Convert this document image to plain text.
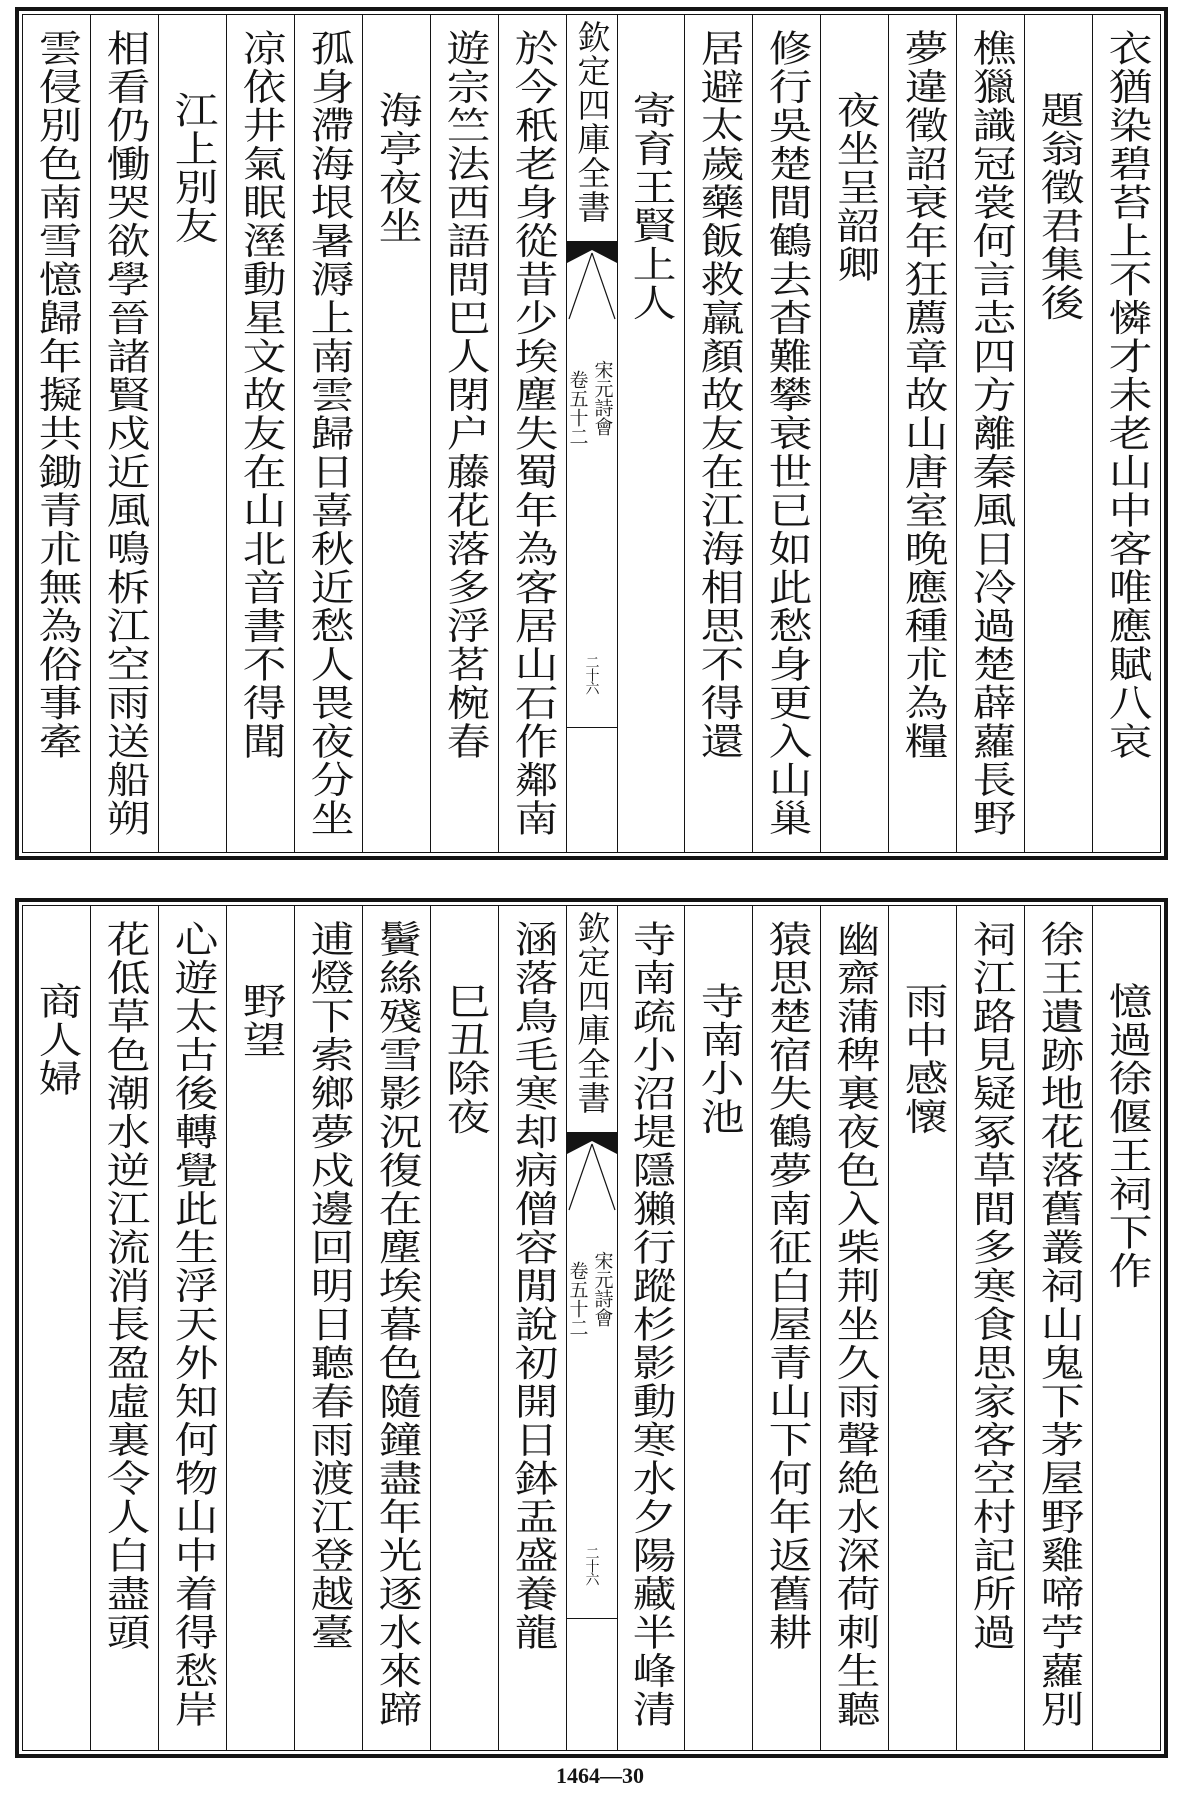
衣猶染碧苔上不憐才未老山中客唯應賦八哀
題翁徵君集後
樵獵識冠裳何言志四方離秦風日冷過楚薜蘿長野
夢違徵詔衰年狂薦章故山唐室晚應種朮為糧
夜坐呈韶卿
修行吳楚間鶴去杳難攀衰世已如此愁身更入山巢
居避太歲藥飯救羸顏故友在江海相思不得還
寄育王賢上人
欽定四庫全書
宋元詩會
卷五十二
二十六
於今秖老身從昔少埃塵失蜀年為客居山石作鄰南
遊宗竺法西語問巴人閉户藤花落多浮茗椀春
海亭夜坐
孤身滯海垠暑溽上南雲歸日喜秋近愁人畏夜分坐
凉依井氣眠溼動星文故友在山北音書不得聞
江上別友
相看仍慟哭欲學晉諸賢戍近風鳴柝江空雨送船朔
雲侵別色南雪憶歸年擬共鋤青朮無為俗事牽
憶過徐偃王祠下作
徐王遺跡地花落舊叢祠山鬼下茅屋野雞啼苧蘿別
祠江路見疑冢草間多寒食思家客空村記所過
雨中感懷
幽齋蒲稗裏夜色入柴荆坐久雨聲絶水深荷刺生聽
猿思楚宿失鶴夢南征白屋青山下何年返舊耕
寺南小池
寺南疏小沼堤隱獺行蹤杉影動寒水夕陽藏半峰清
欽定四庫全書
宋元詩會
卷五十二
二十六
涵落鳥毛寒却病僧容閒說初開日鉢盂盛養龍
巳丑除夜
鬢絲殘雪影況復在塵埃暮色隨鐘盡年光逐水來蹄
逋燈下索鄉夢戍邊回明日聽春雨渡江登越臺
野望
心遊太古後轉覺此生浮天外知何物山中着得愁岸
花低草色潮水逆江流消長盈虛裏令人白盡頭
商人婦
1464—30
